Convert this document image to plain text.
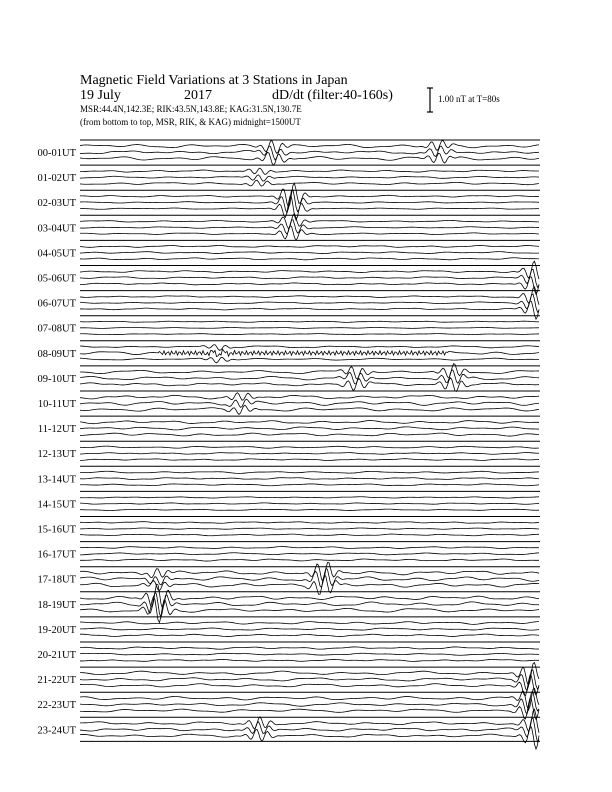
Magnetic Field Variations at 3 Stations in Japan
19 July	2017	dD/dt (filter:40-160s)
MSR:44.4N,142.3E; RIK:43.5N,143.8E; KAG:31.5N,130.7E
(from bottom to top, MSR, RIK, & KAG) midnight=1500UT
1.00 nT at T=80s
00-01UT
01-02UT
02-03UT
03-04UT
04-05UT
05-06UT
06-07UT
07-08UT
08-09UT
09-10UT
10-11UT
11-12UT
12-13UT
13-14UT
14-15UT
15-16UT
16-17UT
17-18UT
18-19UT
19-20UT
20-21UT
21-22UT
22-23UT
23-24UT
